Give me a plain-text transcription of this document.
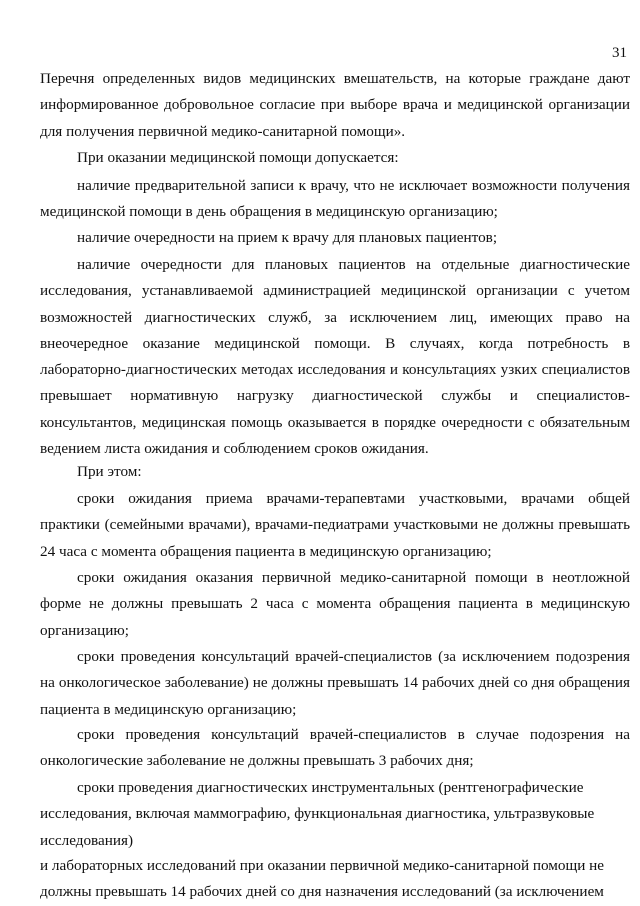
31

Перечня определенных видов медицинских вмешательств, на которые граждане дают информированное добровольное согласие при выборе врача и медицинской организации для получения первичной медико-санитарной помощи».

При оказании медицинской помощи допускается:

наличие предварительной записи к врачу, что не исключает возможности получения медицинской помощи в день обращения в медицинскую организацию;

наличие очередности на прием к врачу для плановых пациентов;

наличие очередности для плановых пациентов на отдельные диагностические исследования, устанавливаемой администрацией медицинской организации с учетом возможностей диагностических служб, за исключением лиц, имеющих право на внеочередное оказание медицинской помощи. В случаях, когда потребность в лабораторно-диагностических методах исследования и консультациях узких специалистов превышает нормативную нагрузку диагностической службы и специалистов-консультантов, медицинская помощь оказывается в порядке очередности с обязательным ведением листа ожидания и соблюдением сроков ожидания.

При этом:

сроки ожидания приема врачами-терапевтами участковыми, врачами общей практики (семейными врачами), врачами-педиатрами участковыми не должны превышать 24 часа с момента обращения пациента в медицинскую организацию;

сроки ожидания оказания первичной медико-санитарной помощи в неотложной форме не должны превышать 2 часа с момента обращения пациента в медицинскую организацию;

сроки проведения консультаций врачей-специалистов (за исключением подозрения на онкологическое заболевание) не должны превышать 14 рабочих дней со дня обращения пациента в медицинскую организацию;

сроки проведения консультаций врачей-специалистов в случае подозрения на онкологические заболевание не должны превышать 3 рабочих дня;

сроки проведения диагностических инструментальных (рентгенографические исследования, включая маммографию, функциональная диагностика, ультразвуковые исследования)

и лабораторных исследований при оказании первичной медико-санитарной помощи не должны превышать 14 рабочих дней со дня назначения исследований (за исключением
